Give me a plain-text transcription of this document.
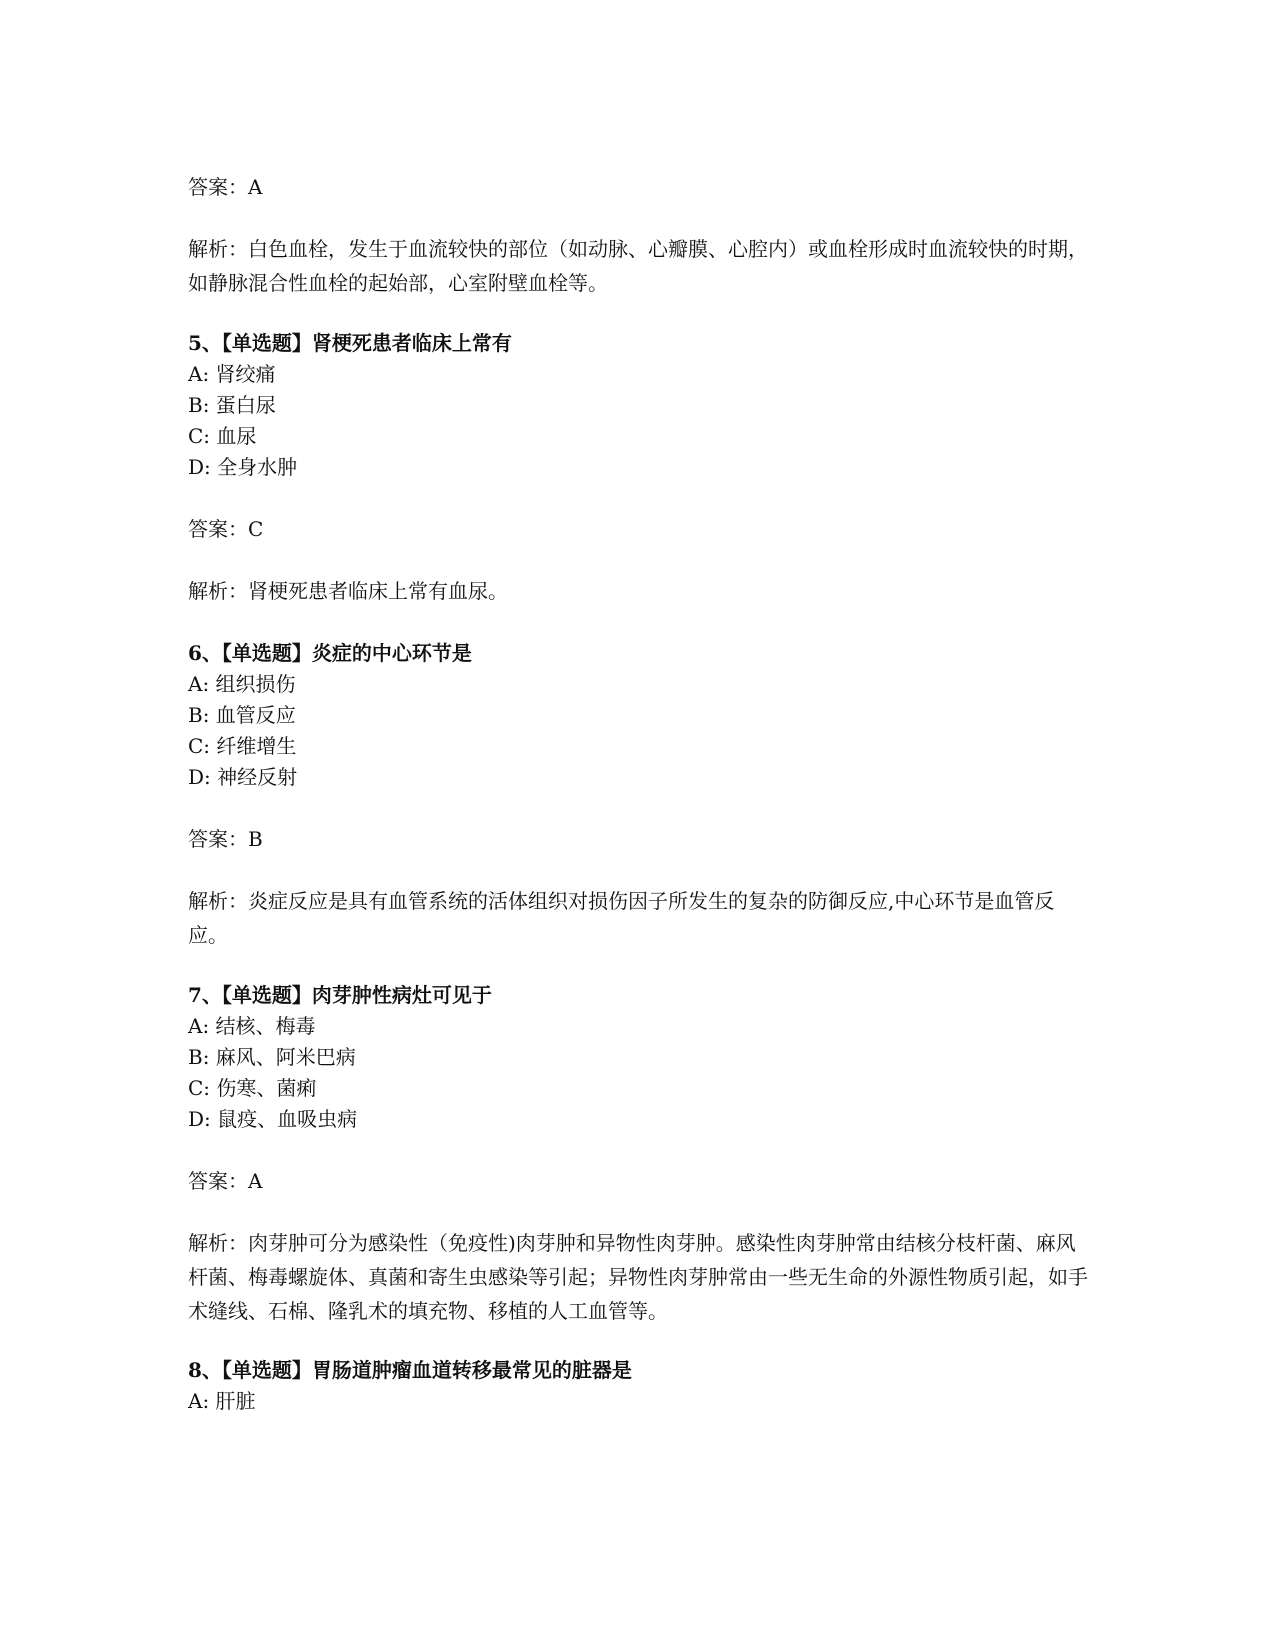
答案：A
解析：白色血栓，发生于血流较快的部位（如动脉、心瓣膜、心腔内）或血栓形成时血流较快的时期，如静脉混合性血栓的起始部，心室附壁血栓等。
5、【单选题】肾梗死患者临床上常有
A: 肾绞痛
B: 蛋白尿
C: 血尿
D: 全身水肿
答案：C
解析：肾梗死患者临床上常有血尿。
6、【单选题】炎症的中心环节是
A: 组织损伤
B: 血管反应
C: 纤维增生
D: 神经反射
答案：B
解析：炎症反应是具有血管系统的活体组织对损伤因子所发生的复杂的防御反应,中心环节是血管反应。
7、【单选题】肉芽肿性病灶可见于
A: 结核、梅毒
B: 麻风、阿米巴病
C: 伤寒、菌痢
D: 鼠疫、血吸虫病
答案：A
解析：肉芽肿可分为感染性（免疫性)肉芽肿和异物性肉芽肿。感染性肉芽肿常由结核分枝杆菌、麻风杆菌、梅毒螺旋体、真菌和寄生虫感染等引起；异物性肉芽肿常由一些无生命的外源性物质引起，如手术缝线、石棉、隆乳术的填充物、移植的人工血管等。
8、【单选题】胃肠道肿瘤血道转移最常见的脏器是
A: 肝脏
